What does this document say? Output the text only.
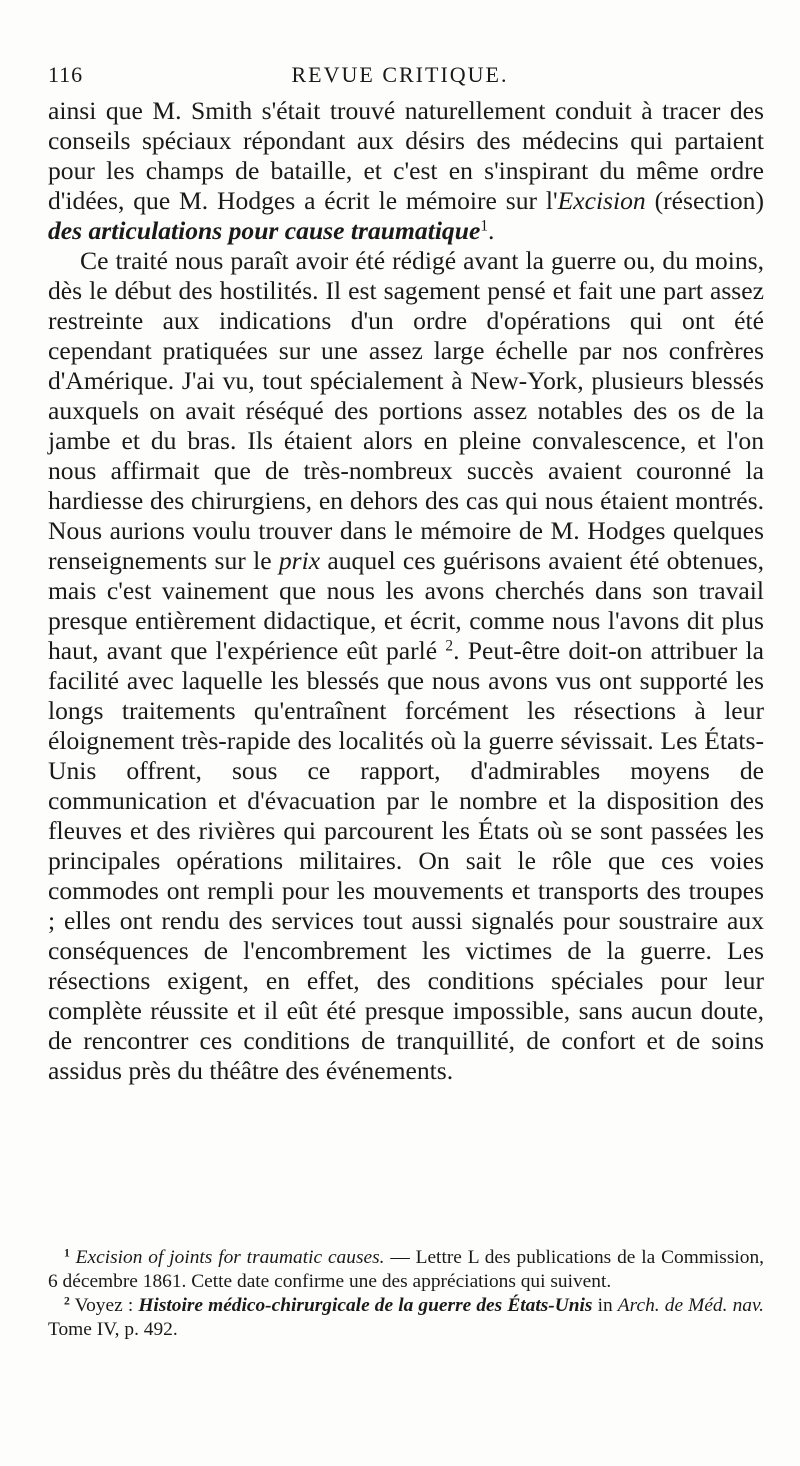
116	REVUE CRITIQUE.

ainsi que M. Smith s'était trouvé naturellement conduit à tracer des conseils spéciaux répondant aux désirs des médecins qui partaient pour les champs de bataille, et c'est en s'inspirant du même ordre d'idées, que M. Hodges a écrit le mémoire sur l'Excision (résection) des articulations pour cause traumatique$^1$.

Ce traité nous paraît avoir été rédigé avant la guerre ou, du moins, dès le début des hostilités. Il est sagement pensé et fait une part assez restreinte aux indications d'un ordre d'opérations qui ont été cependant pratiquées sur une assez large échelle par nos confrères d'Amérique. J'ai vu, tout spécialement à New-York, plusieurs blessés auxquels on avait réséqué des portions assez notables des os de la jambe et du bras. Ils étaient alors en pleine convalescence, et l'on nous affirmait que de très-nombreux succès avaient couronné la hardiesse des chirurgiens, en dehors des cas qui nous étaient montrés. Nous aurions voulu trouver dans le mémoire de M. Hodges quelques renseignements sur le prix auquel ces guérisons avaient été obtenues, mais c'est vainement que nous les avons cherchés dans son travail presque entièrement didactique, et écrit, comme nous l'avons dit plus haut, avant que l'expérience eût parlé $^2$. Peut-être doit-on attribuer la facilité avec laquelle les blessés que nous avons vus ont supporté les longs traitements qu'entraînent forcément les résections à leur éloignement très-rapide des localités où la guerre sévissait. Les États-Unis offrent, sous ce rapport, d'admirables moyens de communication et d'évacuation par le nombre et la disposition des fleuves et des rivières qui parcourent les États où se sont passées les principales opérations militaires. On sait le rôle que ces voies commodes ont rempli pour les mouvements et transports des troupes ; elles ont rendu des services tout aussi signalés pour soustraire aux conséquences de l'encombrement les victimes de la guerre. Les résections exigent, en effet, des conditions spéciales pour leur complète réussite et il eût été presque impossible, sans aucun doute, de rencontrer ces conditions de tranquillité, de confort et de soins assidus près du théâtre des événements.

$^1$ Excision of joints for traumatic causes. — Lettre L des publications de la Commission, 6 décembre 1861. Cette date confirme une des appréciations qui suivent.

$^2$ Voyez : Histoire médico-chirurgicale de la guerre des États-Unis in Arch. de Méd. nav. Tome IV, p. 492.
